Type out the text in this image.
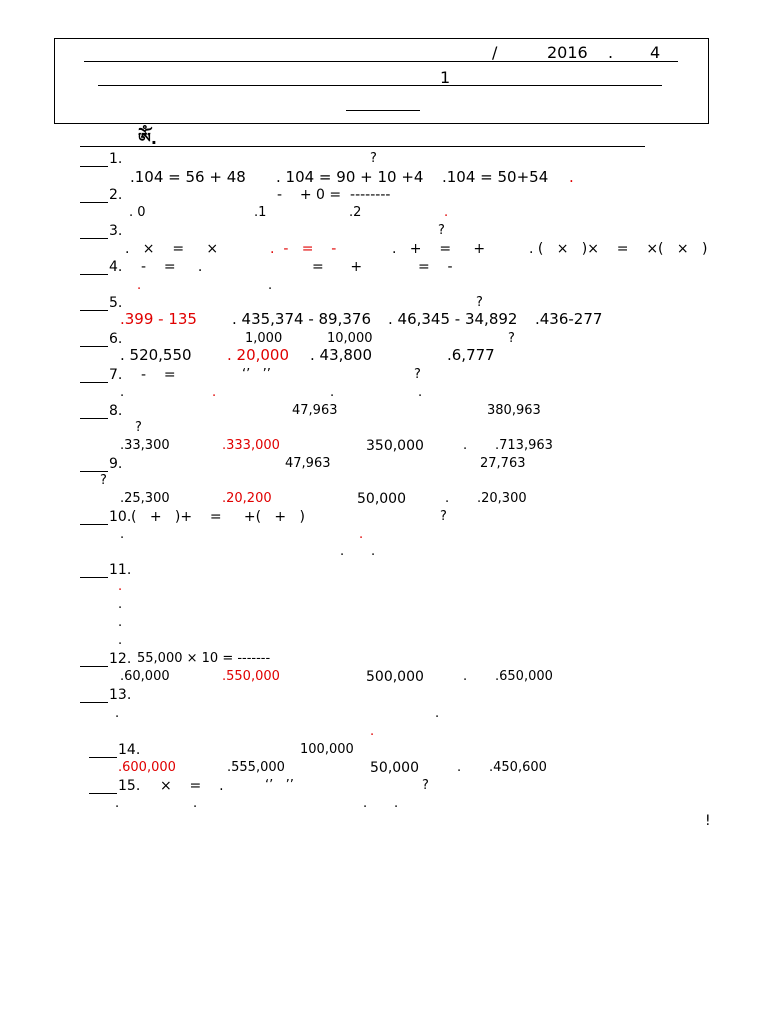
/	2016 . 4
1
ༀ.
1.	?
.104 = 56 + 48 . 104 = 90 + 10 +4 .104 = 50+54 .
2.	-    + 0 =  --------
. 0	.1	.2	.
3.	?
.   ×    =     ×	.  -   =    -	.   +    =     +	. (   ×   )×    =    ×(   ×   )
4. -    =     .	=      +	=    -
.	.
5.	?
.399 - 135 . 435,374 - 89,376 . 46,345 - 34,892 .436-277
6.	1,000	10,000	?
. 520,550 . 20,000 . 43,800	.6,777
7. -    =	‘’   ’’	?
.	.	.	.
8.	47,963	380,963
?
.33,300	.333,000	350,000	. .713,963
9.	47,963	27,763
?
.25,300	.20,200	50,000	. .20,300
10. (   +   )+    =     +(   +   )	?
.	.
. .
11.
.
.
.
.
12. 55,000 × 10 = -------
.60,000	.550,000	500,000	. .650,000
13.
.	.
.
14.	100,000
.600,000	.555,000	50,000	. .450,600
15. ×    =    .	‘’   ’’	?
.	.	. .
!
